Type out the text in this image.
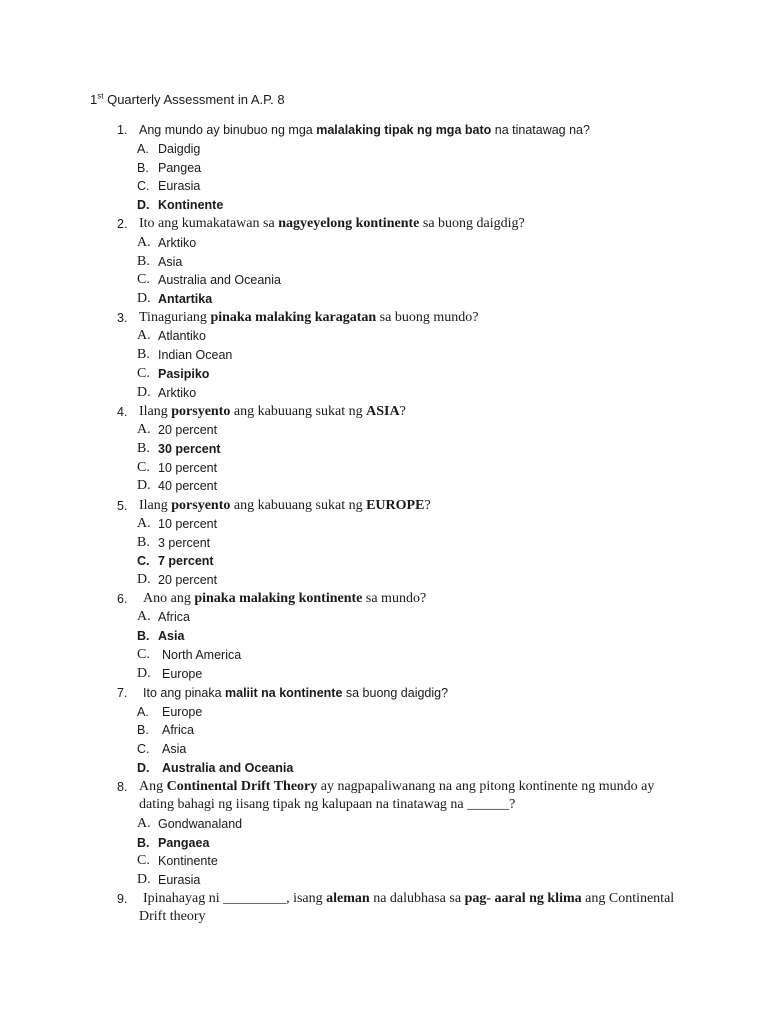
1st Quarterly Assessment in A.P. 8
1. Ang mundo ay binubuo ng mga malalaking tipak ng mga bato na tinatawag na?
A. Daigdig
B. Pangea
C. Eurasia
D. Kontinente
2. Ito ang kumakatawan sa nagyeyelong kontinente sa buong daigdig?
A. Arktiko
B. Asia
C. Australia and Oceania
D. Antartika
3. Tinaguriang pinaka malaking karagatan sa buong mundo?
A. Atlantiko
B. Indian Ocean
C. Pasipiko
D. Arktiko
4. Ilang porsyento ang kabuuang sukat ng ASIA?
A. 20 percent
B. 30 percent
C. 10 percent
D. 40 percent
5. Ilang porsyento ang kabuuang sukat ng EUROPE?
A. 10 percent
B. 3 percent
C. 7 percent
D. 20 percent
6.	Ano ang pinaka malaking kontinente sa mundo?
A. Africa
B. Asia
C. North America
D. Europe
7.	Ito ang pinaka maliit na kontinente sa buong daigdig?
A.	Europe
B.	Africa
C.	Asia
D.	Australia and Oceania
8. Ang Continental Drift Theory ay nagpapaliwanang na ang pitong kontinente ng mundo ay
dating bahagi ng iisang tipak ng kalupaan na tinatawag na ______?
A. Gondwanaland
B. Pangaea
C. Kontinente
D. Eurasia
9.	Ipinahayag ni _________, isang aleman na dalubhasa sa pag- aaral ng klima ang Continental
Drift theory
